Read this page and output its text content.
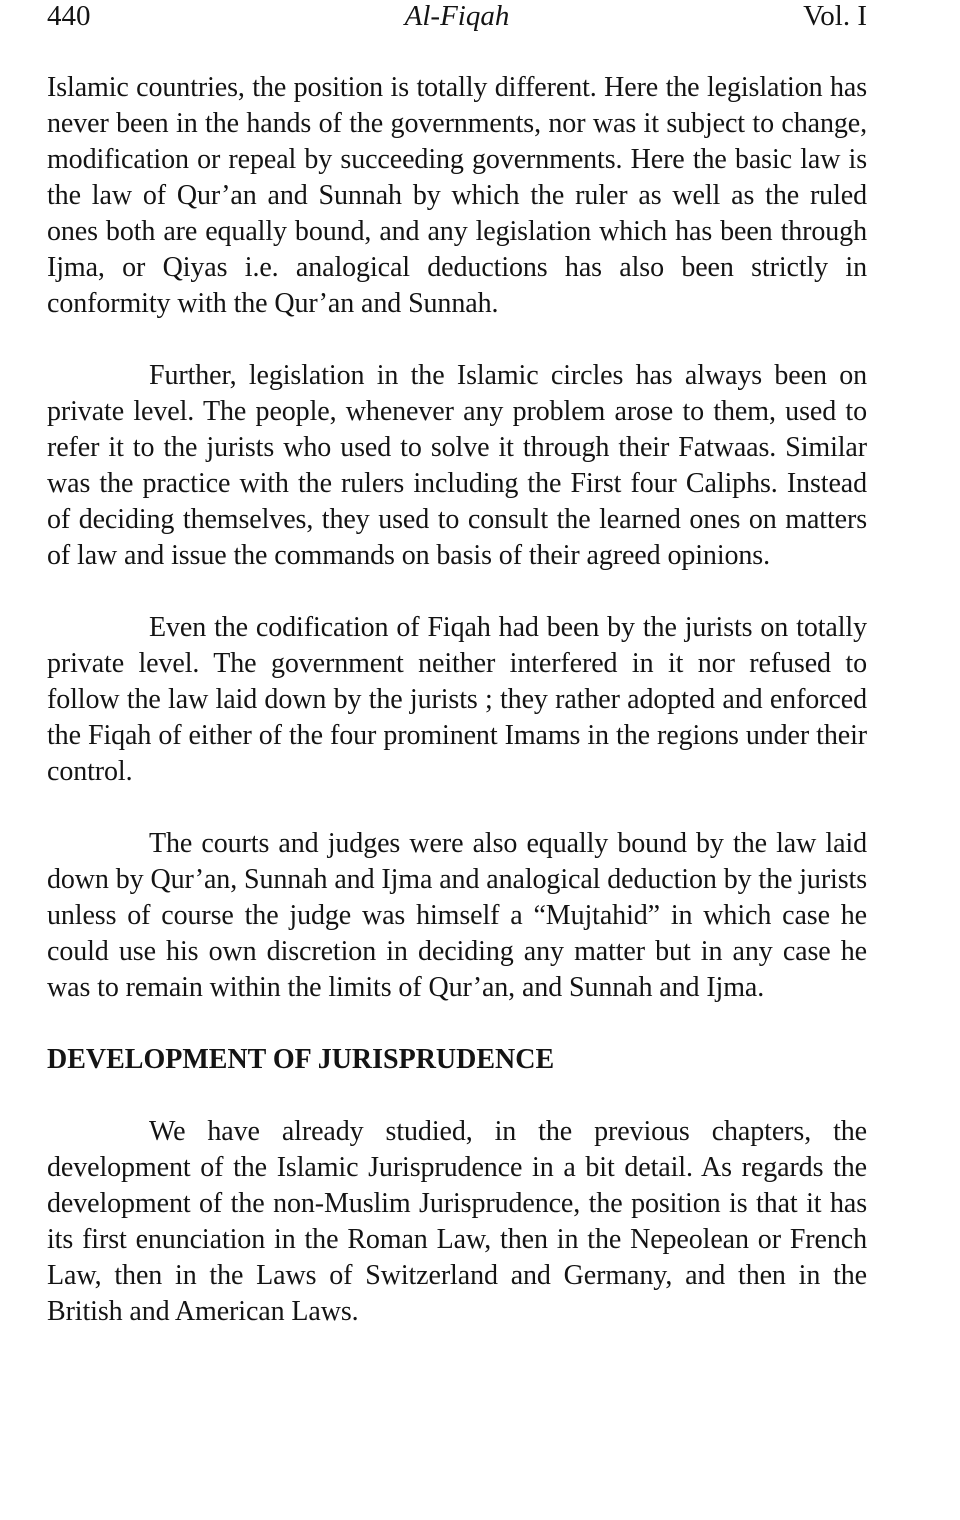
440	Al-Fiqah	Vol. I

Islamic countries, the position is totally different. Here the legislation has never been in the hands of the governments, nor was it subject to change, modification or repeal by succeeding governments. Here the basic law is the law of Qur’an and Sunnah by which the ruler as well as the ruled ones both are equally bound, and any legislation which has been through Ijma, or Qiyas i.e. analogical deductions has also been strictly in conformity with the Qur’an and Sunnah.

Further, legislation in the Islamic circles has always been on private level. The people, whenever any problem arose to them, used to refer it to the jurists who used to solve it through their Fatwaas. Similar was the practice with the rulers including the First four Caliphs. Instead of deciding themselves, they used to consult the learned ones on matters of law and issue the commands on basis of their agreed opinions.

Even the codification of Fiqah had been by the jurists on totally private level. The government neither interfered in it nor refused to follow the law laid down by the jurists ; they rather adopted and enforced the Fiqah of either of the four prominent Imams in the regions under their control.

The courts and judges were also equally bound by the law laid down by Qur’an, Sunnah and Ijma and analogical deduction by the jurists unless of course the judge was himself a “Mujtahid” in which case he could use his own discretion in deciding any matter but in any case he was to remain within the limits of Qur’an, and Sunnah and Ijma.

DEVELOPMENT OF JURISPRUDENCE

We have already studied, in the previous chapters, the development of the Islamic Jurisprudence in a bit detail. As regards the development of the non-Muslim Jurisprudence, the position is that it has its first enunciation in the Roman Law, then in the Nepeolean or French Law, then in the Laws of Switzerland and Germany, and then in the British and American Laws.
